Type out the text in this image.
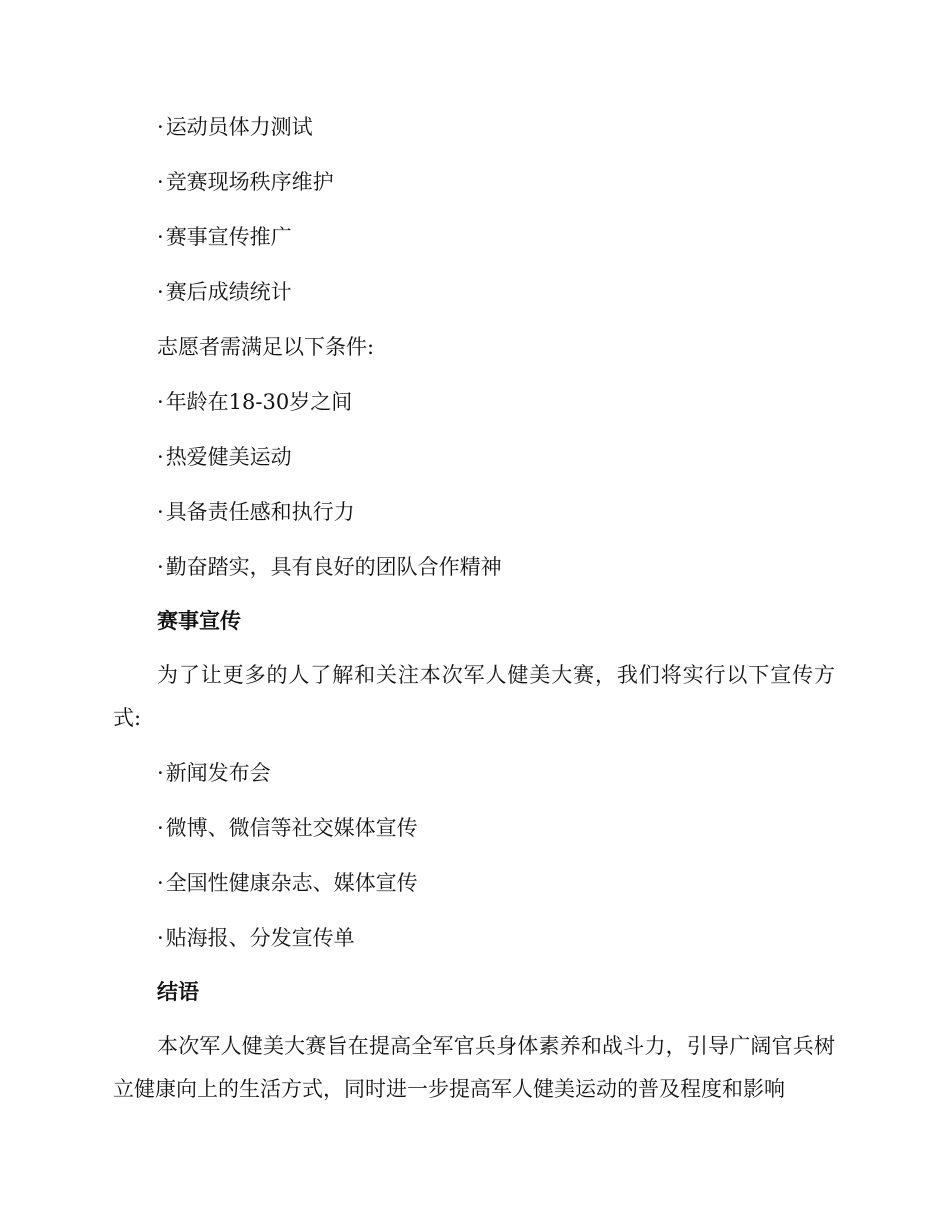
· 运动员体力测试
· 竞赛现场秩序维护
· 赛事宣传推广
· 赛后成绩统计
志愿者需满足以下条件:
· 年龄在18-30岁之间
· 热爱健美运动
· 具备责任感和执行力
· 勤奋踏实，具有良好的团队合作精神
赛事宣传
为了让更多的人了解和关注本次军人健美大赛，我们将实行以下宣传方式:
· 新闻发布会
· 微博、微信等社交媒体宣传
· 全国性健康杂志、媒体宣传
· 贴海报、分发宣传单
结语
本次军人健美大赛旨在提高全军官兵身体素养和战斗力，引导广阔官兵树立健康向上的生活方式，同时进一步提高军人健美运动的普及程度和影响
